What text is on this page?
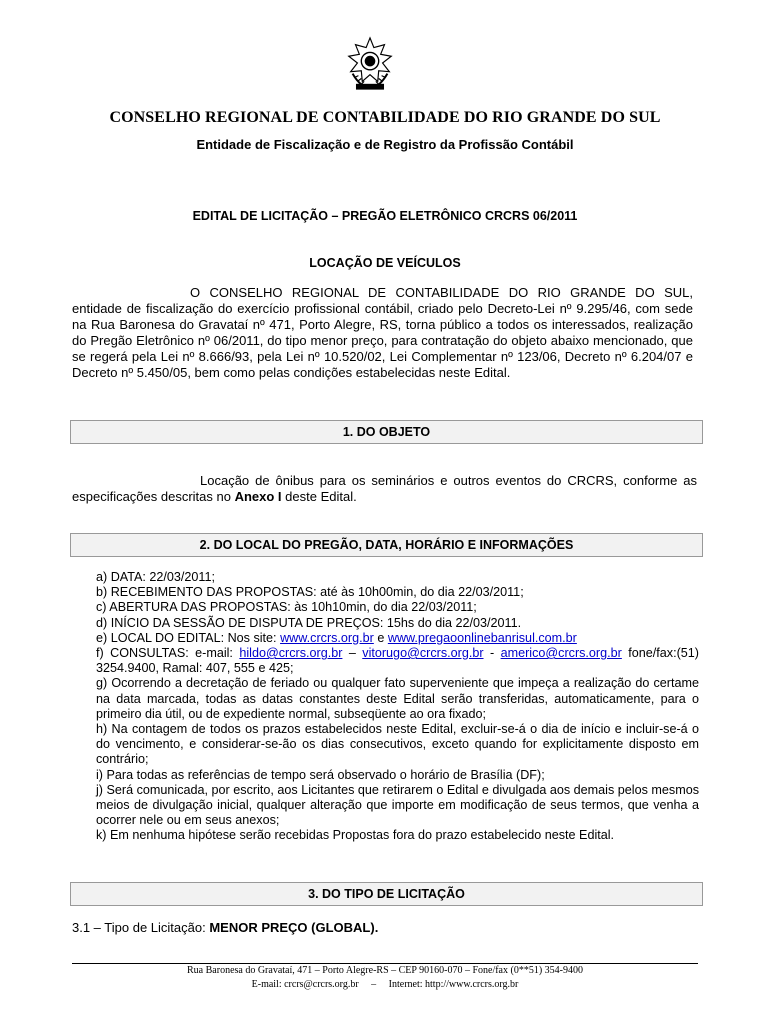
CONSELHO REGIONAL DE CONTABILIDADE DO RIO GRANDE DO SUL
Entidade de Fiscalização e de Registro da Profissão Contábil
EDITAL DE LICITAÇÃO – PREGÃO ELETRÔNICO CRCRS 06/2011
LOCAÇÃO DE VEÍCULOS
O CONSELHO REGIONAL DE CONTABILIDADE DO RIO GRANDE DO SUL, entidade de fiscalização do exercício profissional contábil, criado pelo Decreto-Lei nº 9.295/46, com sede na Rua Baronesa do Gravataí nº 471, Porto Alegre, RS, torna público a todos os interessados, realização do Pregão Eletrônico nº 06/2011, do tipo menor preço, para contratação do objeto abaixo mencionado, que se regerá pela Lei nº 8.666/93, pela Lei nº 10.520/02, Lei Complementar nº 123/06, Decreto nº 6.204/07 e Decreto nº 5.450/05, bem como pelas condições estabelecidas neste Edital.
1. DO OBJETO
Locação de ônibus para os seminários e outros eventos do CRCRS, conforme as especificações descritas no Anexo I deste Edital.
2. DO LOCAL DO PREGÃO, DATA, HORÁRIO E INFORMAÇÕES

a) DATA: 22/03/2011;

b) RECEBIMENTO DAS PROPOSTAS: até às 10h00min, do dia 22/03/2011;

c) ABERTURA DAS PROPOSTAS: às 10h10min, do dia 22/03/2011;

d) INÍCIO DA SESSÃO DE DISPUTA DE PREÇOS: 15hs do dia 22/03/2011.

e) LOCAL DO EDITAL: Nos site: www.crcrs.org.br e www.pregaoonlinebanrisul.com.br

f) CONSULTAS: e-mail: hildo@crcrs.org.br – vitorugo@crcrs.org.br - americo@crcrs.org.br fone/fax:(51) 3254.9400, Ramal: 407, 555 e 425;

g) Ocorrendo a decretação de feriado ou qualquer fato superveniente que impeça a realização do certame na data marcada, todas as datas constantes deste Edital serão transferidas, automaticamente, para o primeiro dia útil, ou de expediente normal, subseqüente ao ora fixado;

h) Na contagem de todos os prazos estabelecidos neste Edital, excluir-se-á o dia de início e incluir-se-á o do vencimento, e considerar-se-ão os dias consecutivos, exceto quando for explicitamente disposto em contrário;

i) Para todas as referências de tempo será observado o horário de Brasília (DF);

j) Será comunicada, por escrito, aos Licitantes que retirarem o Edital e divulgada aos demais pelos mesmos meios de divulgação inicial, qualquer alteração que importe em modificação de seus termos, que venha a ocorrer nele ou em seus anexos;

k) Em nenhuma hipótese serão recebidas Propostas fora do prazo estabelecido neste Edital.

3. DO TIPO DE LICITAÇÃO
3.1 – Tipo de Licitação: MENOR PREÇO (GLOBAL).
Rua Baronesa do Gravataí, 471 – Porto Alegre-RS – CEP 90160-070 – Fone/fax (0**51) 354-9400
E-mail: crcrs@crcrs.org.br     –     Internet: http://www.crcrs.org.br
